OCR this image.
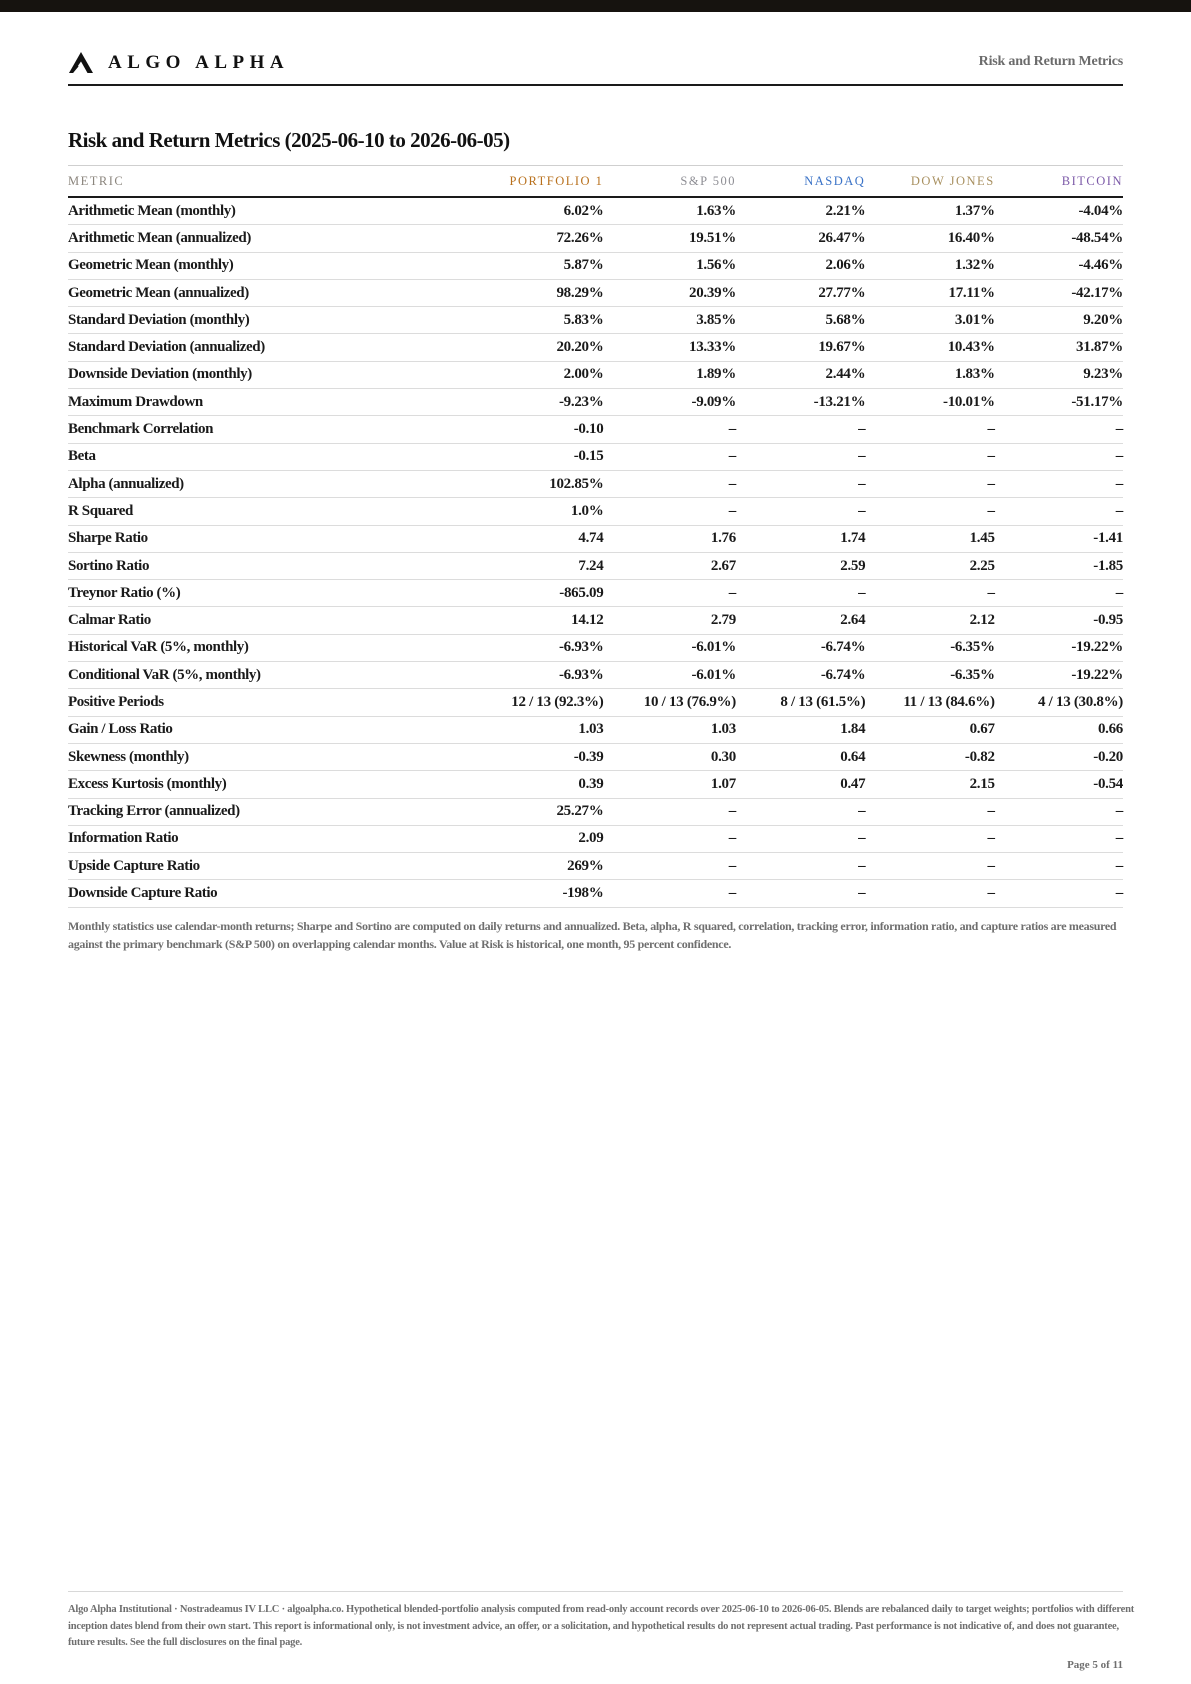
ALGO ALPHA	Risk and Return Metrics
Risk and Return Metrics (2025-06-10 to 2026-06-05)
METRIC	PORTFOLIO 1	S&P 500	NASDAQ	DOW JONES	BITCOIN
Arithmetic Mean (monthly)	6.02%	1.63%	2.21%	1.37%	-4.04%
Arithmetic Mean (annualized)	72.26%	19.51%	26.47%	16.40%	-48.54%
Geometric Mean (monthly)	5.87%	1.56%	2.06%	1.32%	-4.46%
Geometric Mean (annualized)	98.29%	20.39%	27.77%	17.11%	-42.17%
Standard Deviation (monthly)	5.83%	3.85%	5.68%	3.01%	9.20%
Standard Deviation (annualized)	20.20%	13.33%	19.67%	10.43%	31.87%
Downside Deviation (monthly)	2.00%	1.89%	2.44%	1.83%	9.23%
Maximum Drawdown	-9.23%	-9.09%	-13.21%	-10.01%	-51.17%
Benchmark Correlation	-0.10	–	–	–	–
Beta	-0.15	–	–	–	–
Alpha (annualized)	102.85%	–	–	–	–
R Squared	1.0%	–	–	–	–
Sharpe Ratio	4.74	1.76	1.74	1.45	-1.41
Sortino Ratio	7.24	2.67	2.59	2.25	-1.85
Treynor Ratio (%)	-865.09	–	–	–	–
Calmar Ratio	14.12	2.79	2.64	2.12	-0.95
Historical VaR (5%, monthly)	-6.93%	-6.01%	-6.74%	-6.35%	-19.22%
Conditional VaR (5%, monthly)	-6.93%	-6.01%	-6.74%	-6.35%	-19.22%
Positive Periods	12 / 13 (92.3%)	10 / 13 (76.9%)	8 / 13 (61.5%)	11 / 13 (84.6%)	4 / 13 (30.8%)
Gain / Loss Ratio	1.03	1.03	1.84	0.67	0.66
Skewness (monthly)	-0.39	0.30	0.64	-0.82	-0.20
Excess Kurtosis (monthly)	0.39	1.07	0.47	2.15	-0.54
Tracking Error (annualized)	25.27%	–	–	–	–
Information Ratio	2.09	–	–	–	–
Upside Capture Ratio	269%	–	–	–	–
Downside Capture Ratio	-198%	–	–	–	–
Monthly statistics use calendar-month returns; Sharpe and Sortino are computed on daily returns and annualized. Beta, alpha, R squared, correlation, tracking error, information ratio, and capture ratios are measured against the primary benchmark (S&P 500) on overlapping calendar months. Value at Risk is historical, one month, 95 percent confidence.
Algo Alpha Institutional · Nostradeamus IV LLC · algoalpha.co. Hypothetical blended-portfolio analysis computed from read-only account records over 2025-06-10 to 2026-06-05. Blends are rebalanced daily to target weights; portfolios with different inception dates blend from their own start. This report is informational only, is not investment advice, an offer, or a solicitation, and hypothetical results do not represent actual trading. Past performance is not indicative of, and does not guarantee, future results. See the full disclosures on the final page.
Page 5 of 11
